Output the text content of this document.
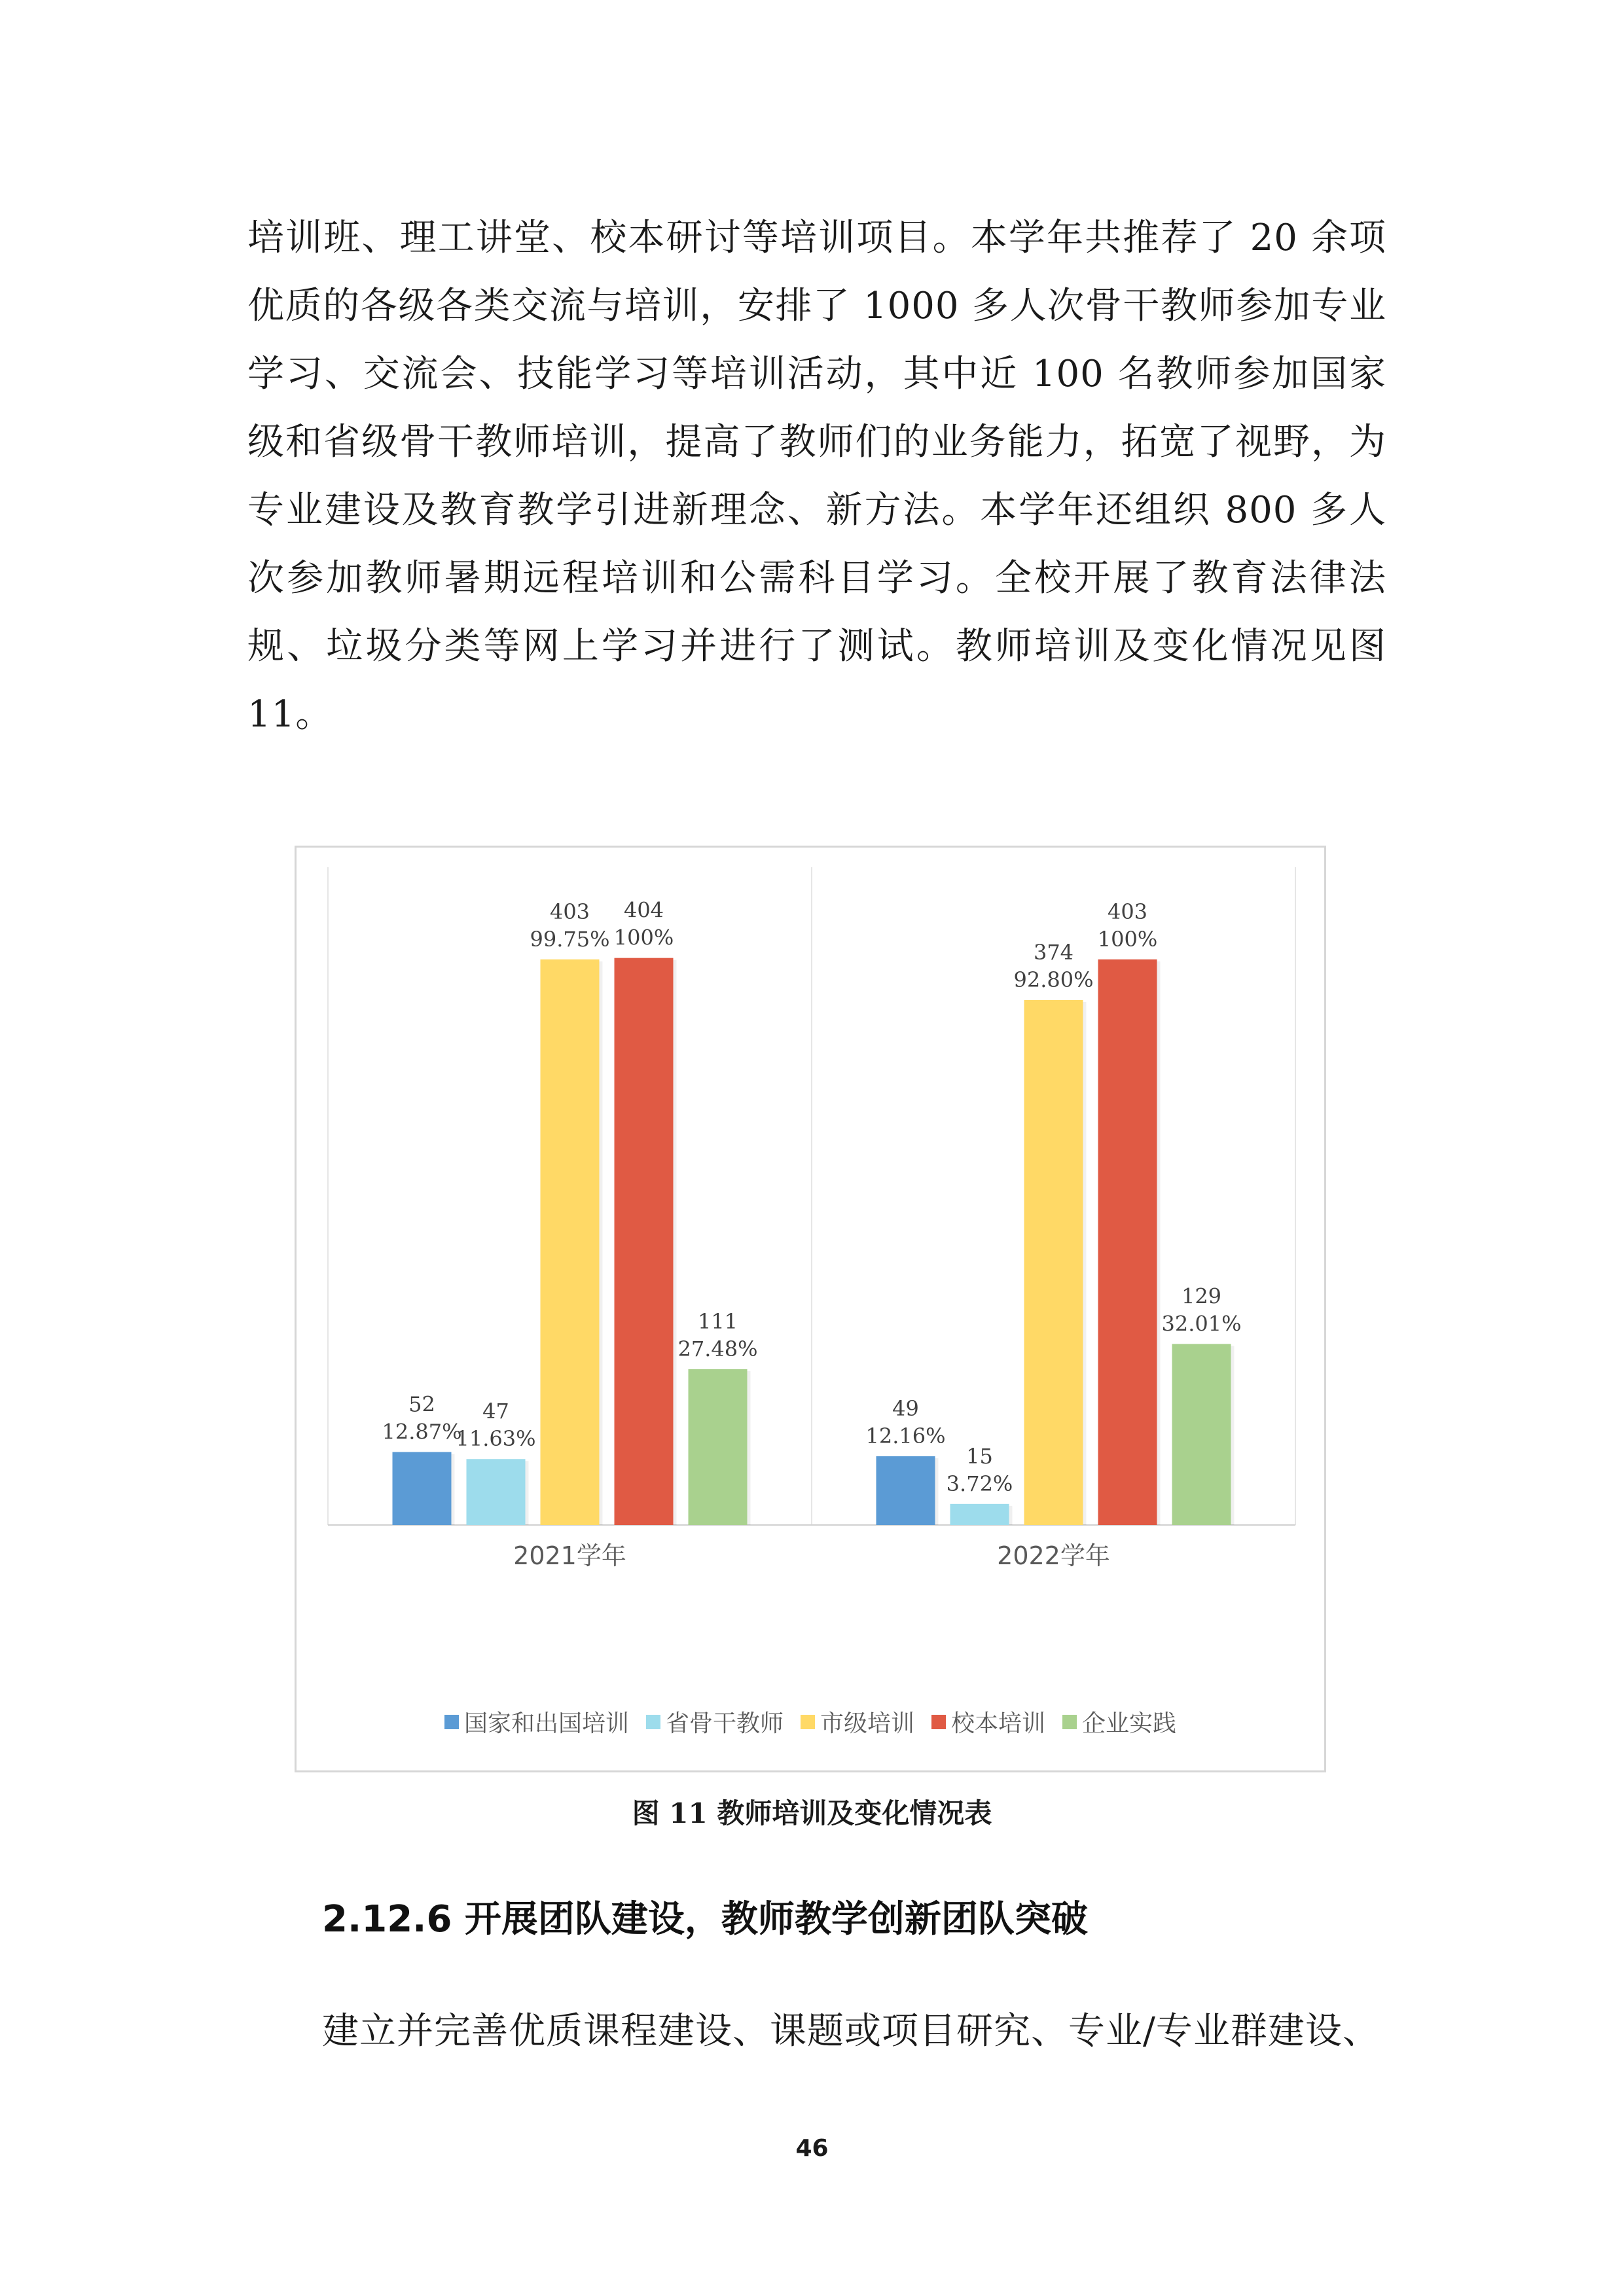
培训班、理工讲堂、校本研讨等培训项目。本学年共推荐了 20 余项优质的各级各类交流与培训，安排了 1000 多人次骨干教师参加专业学习、交流会、技能学习等培训活动，其中近 100 名教师参加国家级和省级骨干教师培训，提高了教师们的业务能力，拓宽了视野，为专业建设及教育教学引进新理念、新方法。本学年还组织 800 多人次参加教师暑期远程培训和公需科目学习。全校开展了教育法律法规、垃圾分类等网上学习并进行了测试。教师培训及变化情况见图 11。

52
12.87%
47
11.63%
403
99.75%
404
100%
111
27.48%
2021学年
49
12.16%
15
3.72%
374
92.80%
403
100%
129
32.01%
2022学年
国家和出国培训 省骨干教师 市级培训 校本培训 企业实践

图 11 教师培训及变化情况表

2.12.6 开展团队建设，教师教学创新团队突破

建立并完善优质课程建设、课题或项目研究、专业/专业群建设、

46
